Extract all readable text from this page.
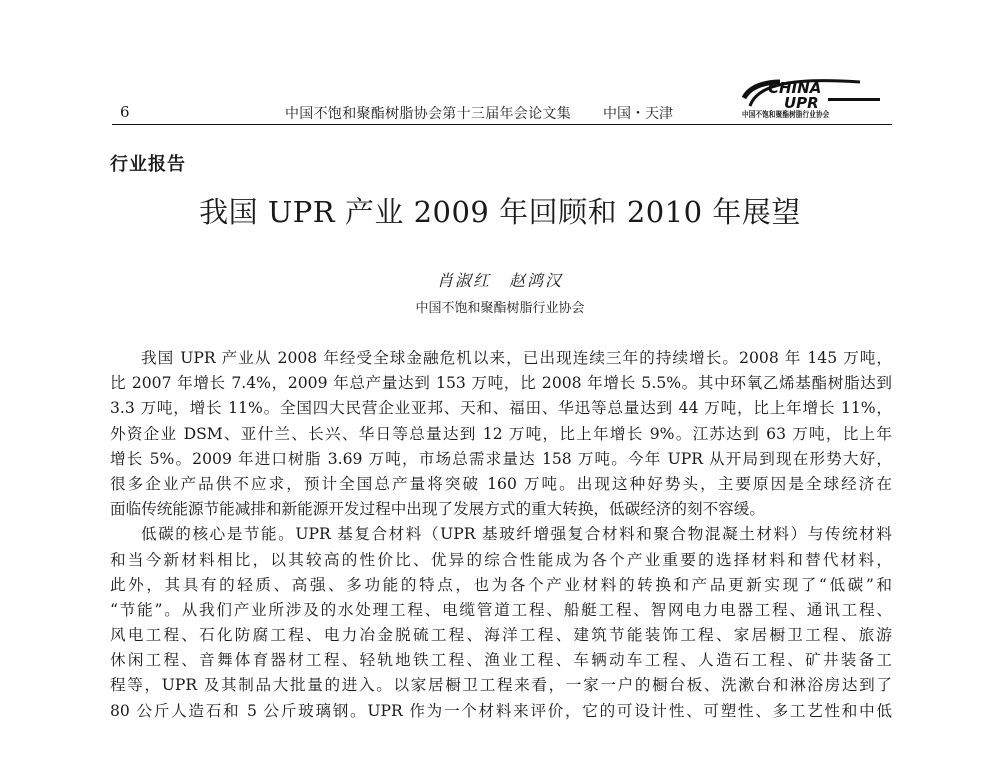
6	中国不饱和聚酯树脂协会第十三届年会论文集 中国・天津
CHINA
UPR
中国不饱和聚酯树脂行业协会
行业报告
我国 UPR 产业 2009 年回顾和 2010 年展望
肖淑红　赵鸿汉
中国不饱和聚酯树脂行业协会
我国 UPR 产业从 2008 年经受全球金融危机以来，已出现连续三年的持续增长。2008 年 145 万吨，
比 2007 年增长 7.4%，2009 年总产量达到 153 万吨，比 2008 年增长 5.5%。其中环氧乙烯基酯树脂达到
3.3 万吨，增长 11%。全国四大民营企业亚邦、天和、福田、华迅等总量达到 44 万吨，比上年增长 11%，
外资企业 DSM、亚什兰、长兴、华日等总量达到 12 万吨，比上年增长 9%。江苏达到 63 万吨，比上年
增长 5%。2009 年进口树脂 3.69 万吨，市场总需求量达 158 万吨。今年 UPR 从开局到现在形势大好，
很多企业产品供不应求，预计全国总产量将突破 160 万吨。出现这种好势头，主要原因是全球经济在
面临传统能源节能减排和新能源开发过程中出现了发展方式的重大转换，低碳经济的刻不容缓。
低碳的核心是节能。UPR 基复合材料（UPR 基玻纤增强复合材料和聚合物混凝土材料）与传统材料
和当今新材料相比，以其较高的性价比、优异的综合性能成为各个产业重要的选择材料和替代材料，
此外，其具有的轻质、高强、多功能的特点，也为各个产业材料的转换和产品更新实现了“低碳”和
“节能”。从我们产业所涉及的水处理工程、电缆管道工程、船艇工程、智网电力电器工程、通讯工程、
风电工程、石化防腐工程、电力冶金脱硫工程、海洋工程、建筑节能装饰工程、家居橱卫工程、旅游
休闲工程、音舞体育器材工程、轻轨地铁工程、渔业工程、车辆动车工程、人造石工程、矿井装备工
程等，UPR 及其制品大批量的进入。以家居橱卫工程来看，一家一户的橱台板、洗漱台和淋浴房达到了
80 公斤人造石和 5 公斤玻璃钢。UPR 作为一个材料来评价，它的可设计性、可塑性、多工艺性和中低
